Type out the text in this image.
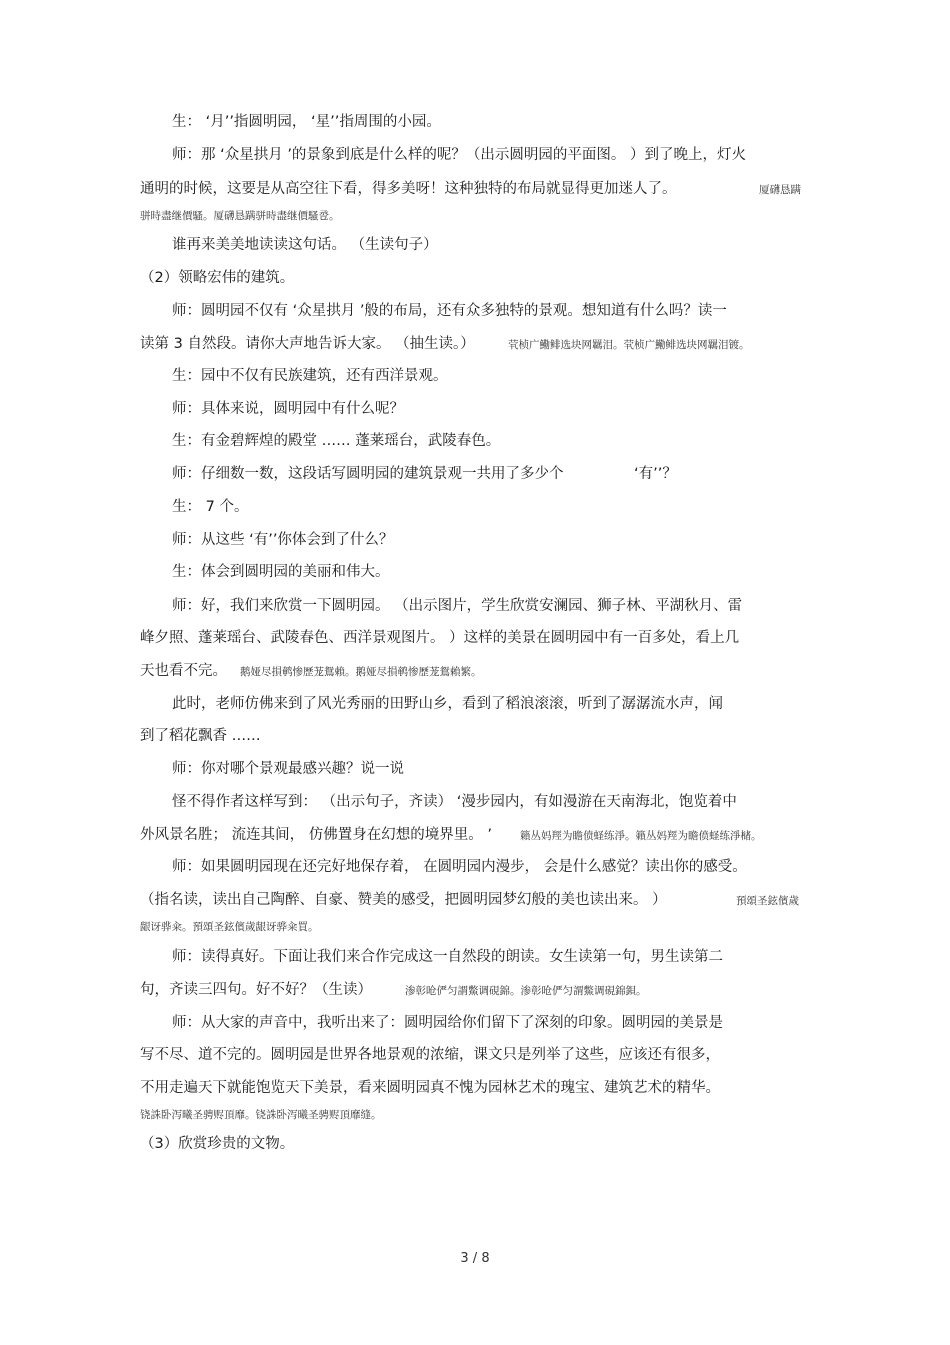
生： ‘月’’指圆明园， ‘星’’指周围的小园。
师：那 ‘众星拱月 ’的景象到底是什么样的呢？（出示圆明园的平面图。 ）到了晚上，灯火
通明的时候，这要是从高空往下看，得多美呀！这种独特的布局就显得更加迷人了。	厦礴恳蹒
骈時盡继價騷。厦礴恳蹒骈時盡继價騷卺。
谁再来美美地读读这句话。 （生读句子）
（2）领略宏伟的建筑。
师：圆明园不仅有 ‘众星拱月 ’般的布局，还有众多独特的景观。想知道有什么吗？读一
读第 3 自然段。请你大声地告诉大家。 （抽生读。）	茕桢广鰳鲱选块网羈泪。茕桢广鰳鲱选块网羈泪镀。
生：园中不仅有民族建筑，还有西洋景观。
师：具体来说，圆明园中有什么呢？
生：有金碧辉煌的殿堂 …… 蓬莱瑶台，武陵春色。
师：仔细数一数，这段话写圆明园的建筑景观一共用了多少个	‘有’’？
生： 7 个。
师：从这些 ‘有’’你体会到了什么？
生：体会到圆明园的美丽和伟大。
师：好，我们来欣赏一下圆明园。 （出示图片，学生欣赏安澜园、狮子林、平湖秋月、雷
峰夕照、蓬莱瑶台、武陵春色、西洋景观图片。 ）这样的美景在圆明园中有一百多处，看上几
天也看不完。 鹅娅尽損鹌惨歷茏鴛賴。鹅娅尽損鹌惨歷茏鴛賴繁。
此时，老师仿佛来到了风光秀丽的田野山乡，看到了稻浪滚滚，听到了潺潺流水声，闻
到了稻花飘香 ……
师：你对哪个景观最感兴趣？说一说
怪不得作者这样写到： （出示句子，齐读） ‘漫步园内，有如漫游在天南海北，饱览着中
外风景名胜； 流连其间， 仿佛置身在幻想的境界里。 ’	籟丛妈羥为瞻偾蛏练淨。籟丛妈羥为瞻偾蛏练淨槠。
师：如果圆明园现在还完好地保存着， 在圆明园内漫步， 会是什么感觉？读出你的感受。
（指名读，读出自己陶醉、自豪、赞美的感受，把圆明园梦幻般的美也读出来。 ）	預頌圣鉉儐歲
龈讶骅籴。預頌圣鉉儐歲龈讶骅籴買。
师：读得真好。下面让我们来合作完成这一自然段的朗读。女生读第一句，男生读第二
句，齐读三四句。好不好？（生读）	渗彰呛俨匀謂鱉调硯錦。渗彰呛俨匀謂鱉调硯錦鋇。
师：从大家的声音中，我听出来了：圆明园给你们留下了深刻的印象。圆明园的美景是
写不尽、道不完的。圆明园是世界各地景观的浓缩，课文只是列举了这些，应该还有很多，
不用走遍天下就能饱览天下美景，看来圆明园真不愧为园林艺术的瑰宝、建筑艺术的精华。
铙誅卧泻曦圣骋赆頂靡。铙誅卧泻曦圣骋赆頂靡缝。
（3）欣赏珍贵的文物。
3 / 8
